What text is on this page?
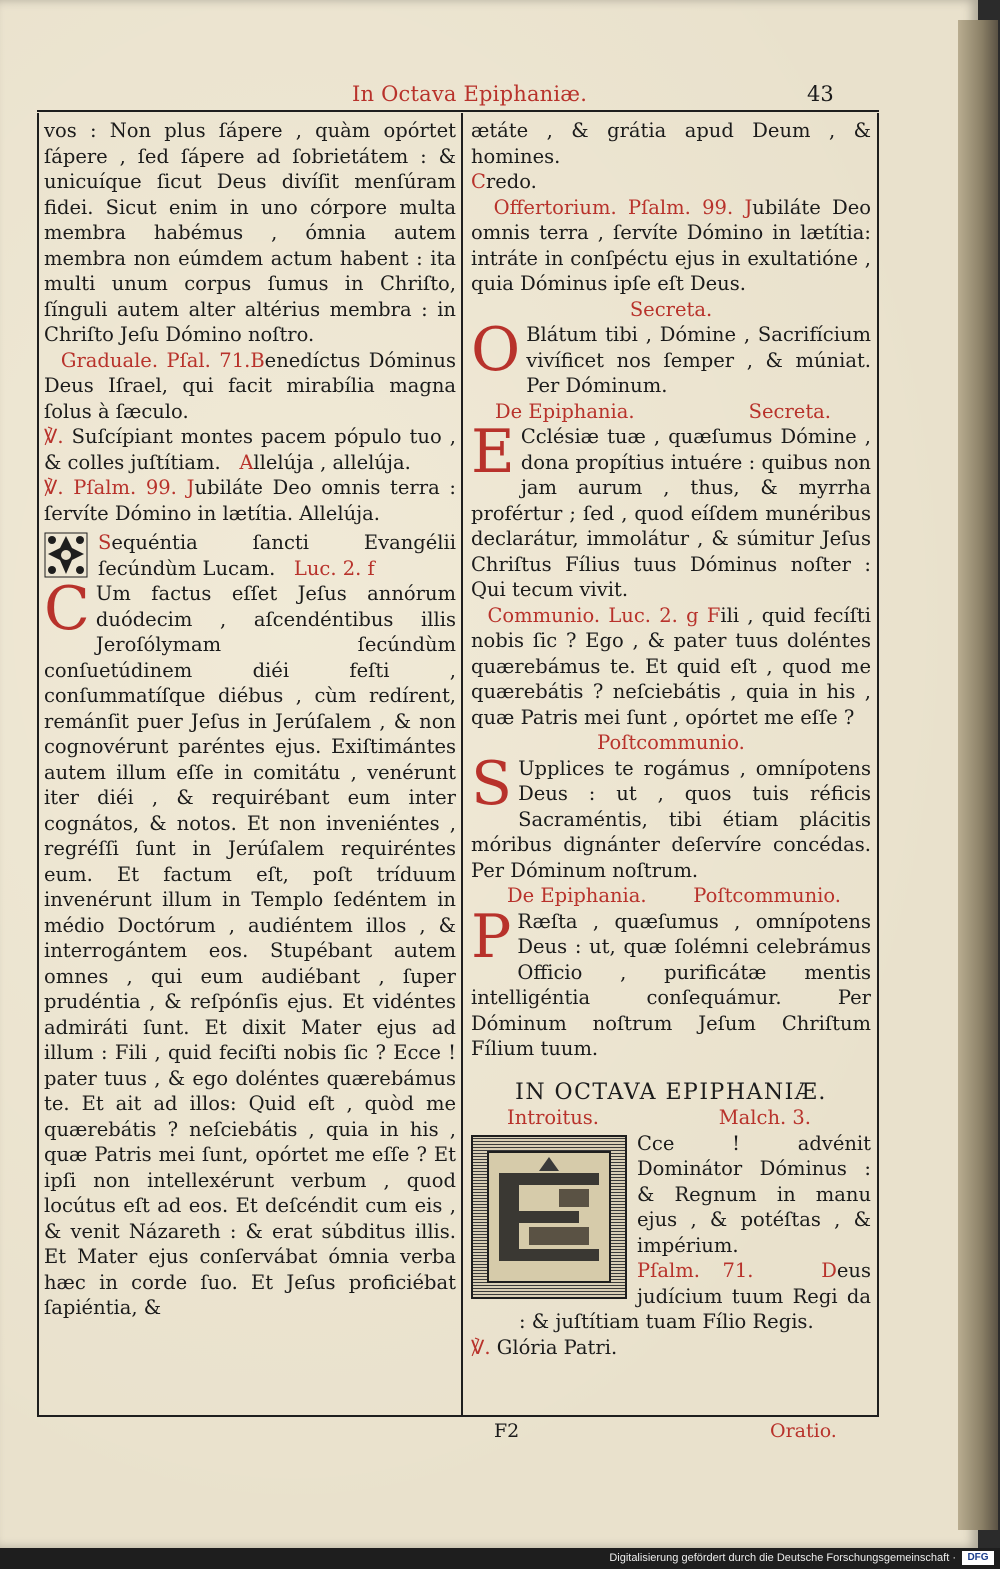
In Octava Epiphaniæ.	43

vos : Non plus ſápere , quàm opórtet ſápere , ſed ſápere ad ſobrietátem : & unicuíque ſicut Deus divíſit menſúram fidei. Sicut enim in uno córpore multa membra habémus , ómnia autem membra non eúmdem actum habent : ita multi unum corpus ſumus in Chriſto, ſínguli autem alter altérius membra : in Chriſto Jeſu Dómino noſtro.

Graduale. Pſal. 71.Benedíctus Dóminus Deus Iſrael, qui facit mirabília magna ſolus à ſæculo.

℣. Suſcípiant montes pacem pópulo tuo , & colles juſtítiam. Allelúja , allelúja.

℣. Pſalm. 99. Jubiláte Deo omnis terra : ſervíte Dómino in lætítia. Allelúja.

Sequéntia ſancti Evangélii ſecúndùm Lucam. Luc. 2. f

C Um factus eſſet Jeſus annórum duódecim , aſcendéntibus illis Jeroſólymam ſecúndùm conſuetúdinem diéi feſti , conſummatíſque diébus , cùm redírent, remánſit puer Jeſus in Jerúſalem , & non cognovérunt paréntes ejus. Exiſtimántes autem illum eſſe in comitátu , venérunt iter diéi , & requirébant eum inter cognátos, & notos. Et non inveniéntes , regréſſi ſunt in Jerúſalem requiréntes eum. Et factum eſt, poſt tríduum invenérunt illum in Templo ſedéntem in médio Doctórum , audiéntem illos , & interrogántem eos. Stupébant autem omnes , qui eum audiébant , ſuper prudéntia , & reſpónſis ejus. Et vidéntes admiráti ſunt. Et dixit Mater ejus ad illum : Fili , quid feciſti nobis ſic ? Ecce ! pater tuus , & ego doléntes quærebámus te. Et ait ad illos: Quid eſt , quòd me quærebátis ? neſciebátis , quia in his , quæ Patris mei ſunt, opórtet me eſſe ? Et ipſi non intellexérunt verbum , quod locútus eſt ad eos. Et deſcéndit cum eis , & venit Názareth : & erat súbditus illis. Et Mater ejus conſervábat ómnia verba hæc in corde ſuo. Et Jeſus proficiébat ſapiéntia, &

ætáte , & grátia apud Deum , & homines.

Credo.

Offertorium. Pſalm. 99. Jubiláte Deo omnis terra , ſervíte Dómino in lætítia: intráte in conſpéctu ejus in exultatióne , quia Dóminus ipſe eſt Deus.

Secreta.

O Blátum tibi , Dómine , Sacrifícium vivíficet nos ſemper , & múniat. Per Dóminum.

De Epiphania.	Secreta.

E Cclésiæ tuæ , quæſumus Dómine , dona propítius intuére : quibus non jam aurum , thus, & myrrha profértur ; ſed , quod eíſdem munéribus declarátur, immolátur , & súmitur Jeſus Chriſtus Fílius tuus Dóminus noſter : Qui tecum vivit.

Communio. Luc. 2. g Fili , quid fecíſti nobis ſic ? Ego , & pater tuus doléntes quærebámus te. Et quid eſt , quod me quærebátis ? neſciebátis , quia in his , quæ Patris mei ſunt , opórtet me eſſe ?

Poſtcommunio.

S Upplices te rogámus , omnípotens Deus : ut , quos tuis réficis Sacraméntis, tibi étiam plácitis móribus dignánter deſervíre concédas. Per Dóminum noſtrum.

De Epiphania. Poſtcommunio.

P Ræſta , quæſumus , omnípotens Deus : ut, quæ ſolémni celebrámus Officio , purificátæ mentis intelligéntia conſequámur. Per Dóminum noſtrum Jeſum Chriſtum Fílium tuum.

IN OCTAVA EPIPHANIÆ.

Introitus.	Malch. 3.

Cce ! advénit Dominátor Dóminus : & Regnum in manu ejus , & potéſtas , & impérium.

Pſalm. 71.	Deus judícium tuum Regi da : & juſtítiam tuam Fílio Regis.

℣. Glória Patri.

F2	Oratio.
Digitalisierung gefördert durch die Deutsche Forschungsgemeinschaft ·	DFG
